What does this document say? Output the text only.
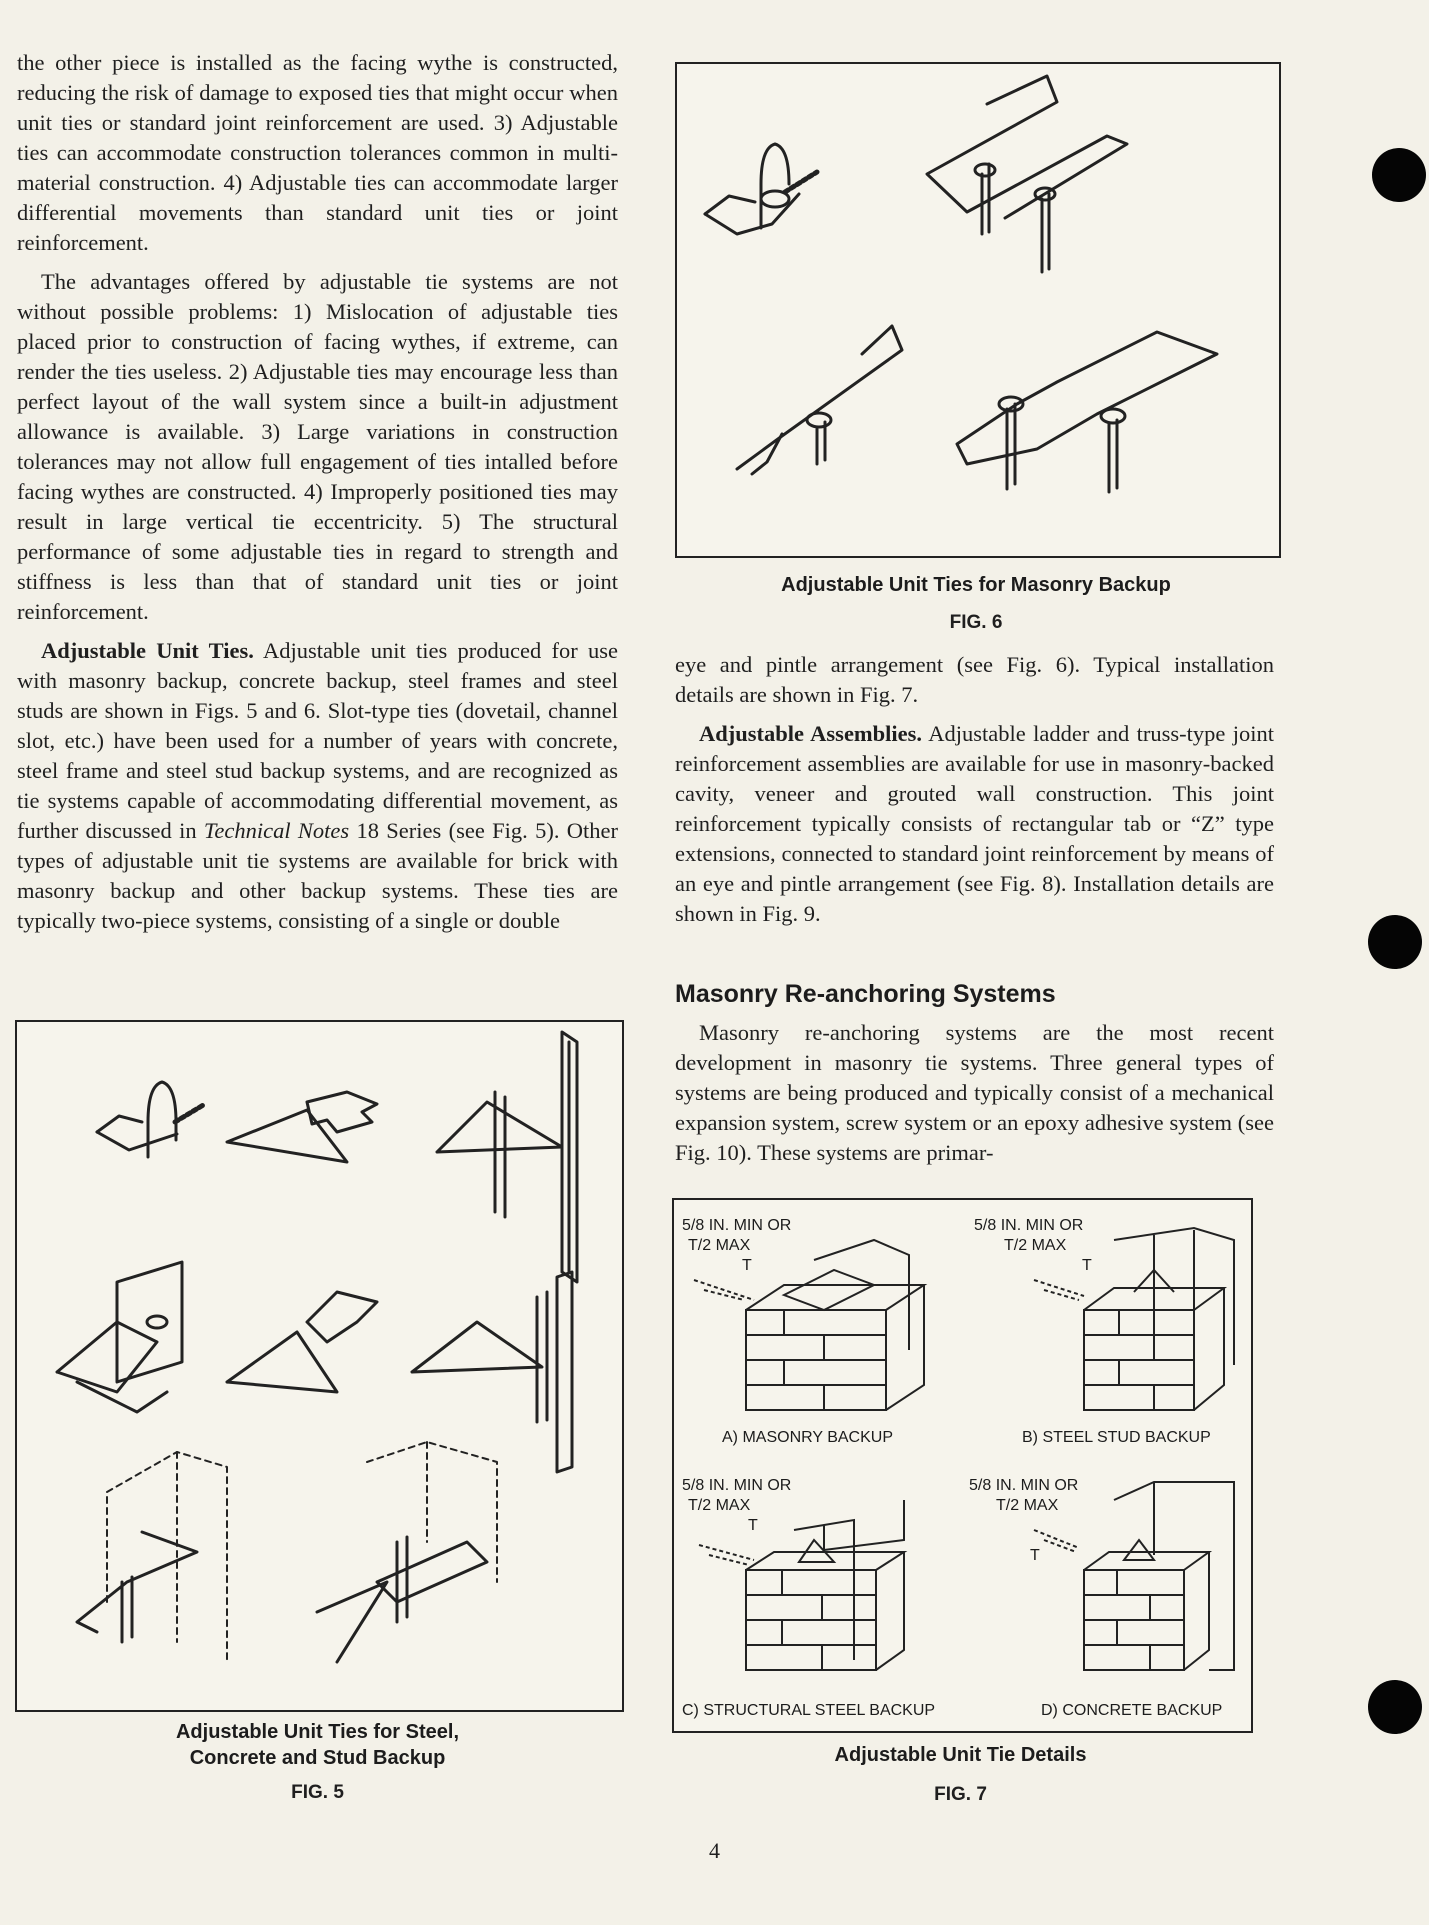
the other piece is installed as the facing wythe is constructed, reducing the risk of damage to exposed ties that might occur when unit ties or standard joint reinforcement are used. 3) Adjustable ties can accommodate construction tolerances common in multi-material construction. 4) Adjustable ties can accommodate larger differential movements than standard unit ties or joint reinforcement.

The advantages offered by adjustable tie systems are not without possible problems: 1) Mislocation of adjustable ties placed prior to construction of facing wythes, if extreme, can render the ties useless. 2) Adjustable ties may encourage less than perfect layout of the wall system since a built-in adjustment allowance is available. 3) Large variations in construction tolerances may not allow full engagement of ties intalled before facing wythes are constructed. 4) Improperly positioned ties may result in large vertical tie eccentricity. 5) The structural performance of some adjustable ties in regard to strength and stiffness is less than that of standard unit ties or joint reinforcement.

Adjustable Unit Ties. Adjustable unit ties produced for use with masonry backup, concrete backup, steel frames and steel studs are shown in Figs. 5 and 6. Slot-type ties (dovetail, channel slot, etc.) have been used for a number of years with concrete, steel frame and steel stud backup systems, and are recognized as tie systems capable of accommodating differential movement, as further discussed in Technical Notes 18 Series (see Fig. 5). Other types of adjustable unit tie systems are available for brick with masonry backup and other backup systems. These ties are typically two-piece systems, consisting of a single or double

Adjustable Unit Ties for Masonry Backup
FIG. 6

eye and pintle arrangement (see Fig. 6). Typical installation details are shown in Fig. 7.

Adjustable Assemblies. Adjustable ladder and truss-type joint reinforcement assemblies are available for use in masonry-backed cavity, veneer and grouted wall construction. This joint reinforcement typically consists of rectangular tab or “Z” type extensions, connected to standard joint reinforcement by means of an eye and pintle arrangement (see Fig. 8). Installation details are shown in Fig. 9.

Masonry Re-anchoring Systems

Masonry re-anchoring systems are the most recent development in masonry tie systems. Three general types of systems are being produced and typically consist of a mechanical expansion system, screw system or an epoxy adhesive system (see Fig. 10). These systems are primar-

Adjustable Unit Ties for Steel,
Concrete and Stud Backup
FIG. 5
5/8 IN. MIN OR
T/2 MAX
T
A) MASONRY BACKUP
5/8 IN. MIN OR
T/2 MAX
T
B) STEEL STUD BACKUP
5/8 IN. MIN OR
T/2 MAX
T
C) STRUCTURAL STEEL BACKUP
5/8 IN. MIN OR
T/2 MAX
T
D) CONCRETE BACKUP
Adjustable Unit Tie Details
FIG. 7
4
